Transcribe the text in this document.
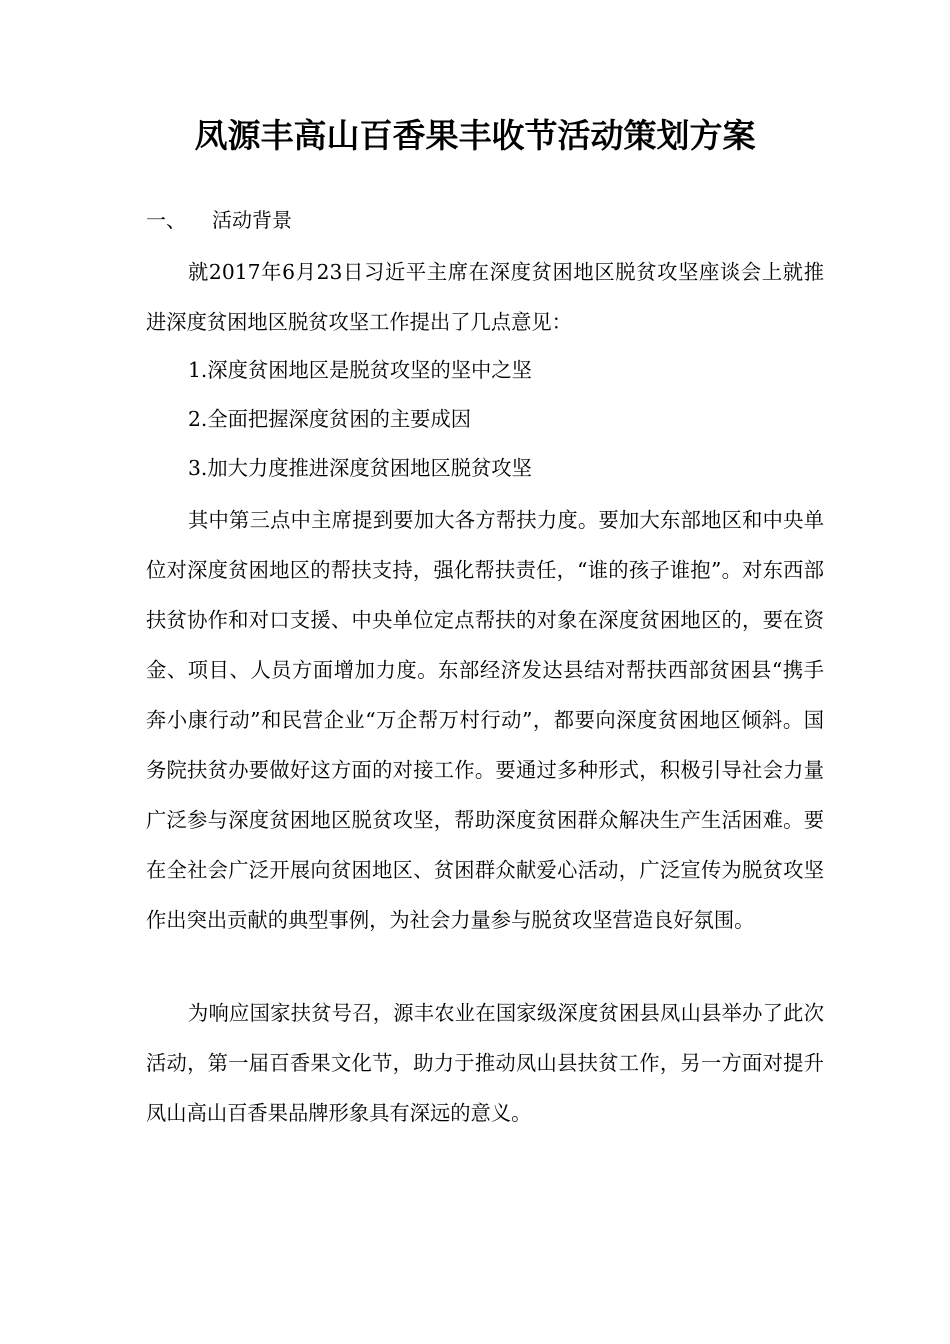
凤源丰高山百香果丰收节活动策划方案
一、 活动背景

就2017年6月23日习近平主席在深度贫困地区脱贫攻坚座谈会上就推进深度贫困地区脱贫攻坚工作提出了几点意见：

1.深度贫困地区是脱贫攻坚的坚中之坚

2.全面把握深度贫困的主要成因

3.加大力度推进深度贫困地区脱贫攻坚

其中第三点中主席提到要加大各方帮扶力度。要加大东部地区和中央单位对深度贫困地区的帮扶支持，强化帮扶责任，“谁的孩子谁抱”。对东西部扶贫协作和对口支援、中央单位定点帮扶的对象在深度贫困地区的，要在资金、项目、人员方面增加力度。东部经济发达县结对帮扶西部贫困县“携手奔小康行动”和民营企业“万企帮万村行动”，都要向深度贫困地区倾斜。国务院扶贫办要做好这方面的对接工作。要通过多种形式，积极引导社会力量广泛参与深度贫困地区脱贫攻坚，帮助深度贫困群众解决生产生活困难。要在全社会广泛开展向贫困地区、贫困群众献爱心活动，广泛宣传为脱贫攻坚作出突出贡献的典型事例，为社会力量参与脱贫攻坚营造良好氛围。

为响应国家扶贫号召，源丰农业在国家级深度贫困县凤山县举办了此次活动，第一届百香果文化节，助力于推动凤山县扶贫工作，另一方面对提升凤山高山百香果品牌形象具有深远的意义。
